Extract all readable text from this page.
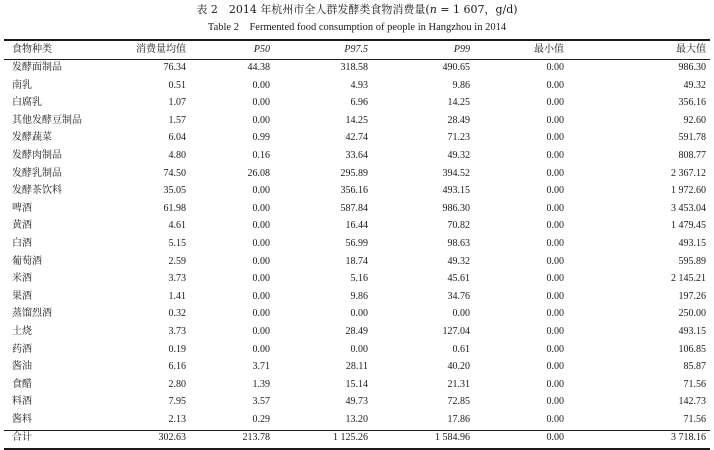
表 2　2014 年杭州市全人群发酵类食物消费量(n = 1 607，g/d)
Table 2　Fermented food consumption of people in Hangzhou in 2014
食物种类	消费量均值	P50	P97.5	P99	最小值	最大值
发酵面制品	76.34	44.38	318.58	490.65	0.00	986.30
南乳	0.51	0.00	4.93	9.86	0.00	49.32
白腐乳	1.07	0.00	6.96	14.25	0.00	356.16
其他发酵豆制品	1.57	0.00	14.25	28.49	0.00	92.60
发酵蔬菜	6.04	0.99	42.74	71.23	0.00	591.78
发酵肉制品	4.80	0.16	33.64	49.32	0.00	808.77
发酵乳制品	74.50	26.08	295.89	394.52	0.00	2 367.12
发酵茶饮料	35.05	0.00	356.16	493.15	0.00	1 972.60
啤酒	61.98	0.00	587.84	986.30	0.00	3 453.04
黄酒	4.61	0.00	16.44	70.82	0.00	1 479.45
白酒	5.15	0.00	56.99	98.63	0.00	493.15
葡萄酒	2.59	0.00	18.74	49.32	0.00	595.89
米酒	3.73	0.00	5.16	45.61	0.00	2 145.21
果酒	1.41	0.00	9.86	34.76	0.00	197.26
蒸馏烈酒	0.32	0.00	0.00	0.00	0.00	250.00
土烧	3.73	0.00	28.49	127.04	0.00	493.15
药酒	0.19	0.00	0.00	0.61	0.00	106.85
酱油	6.16	3.71	28.11	40.20	0.00	85.87
食醋	2.80	1.39	15.14	21.31	0.00	71.56
料酒	7.95	3.57	49.73	72.85	0.00	142.73
酱料	2.13	0.29	13.20	17.86	0.00	71.56
合计	302.63	213.78	1 125.26	1 584.96	0.00	3 718.16
